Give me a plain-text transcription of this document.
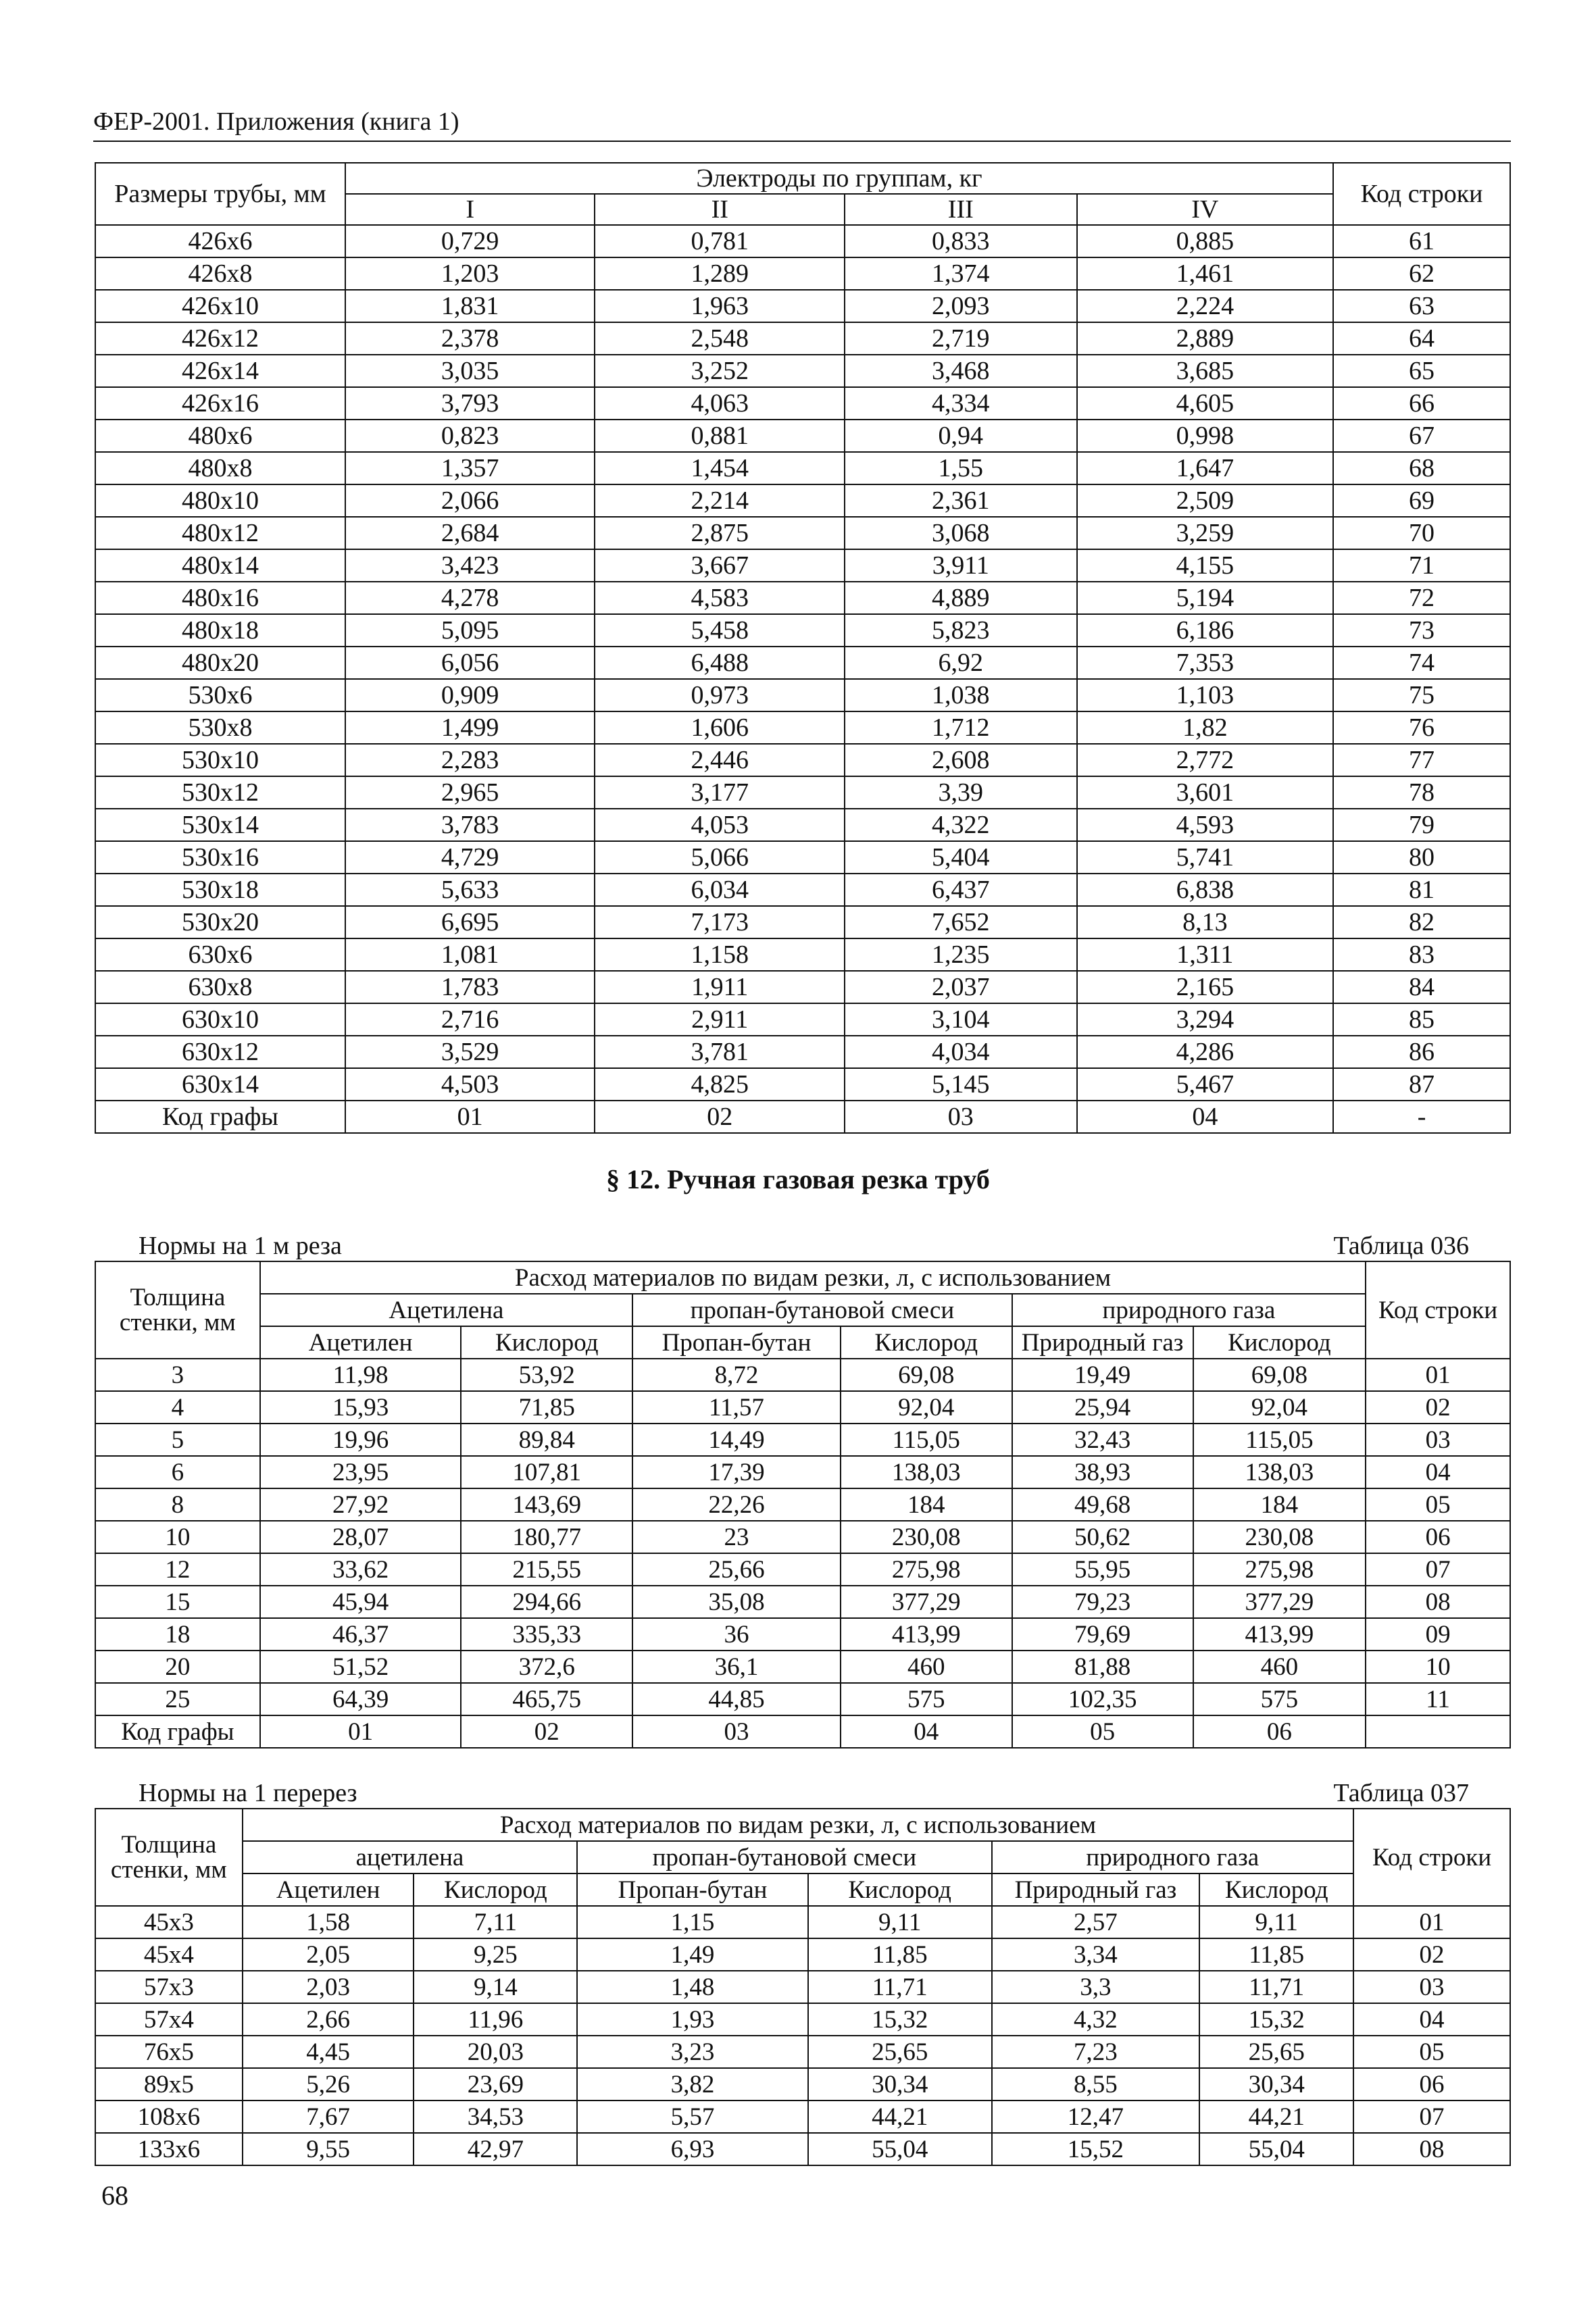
ФЕР-2001. Приложения (книга 1)
Размеры трубы, мм	Электроды по группам, кг				Код строки
	I	II	III	IV	
426x6	0,729	0,781	0,833	0,885	61
426x8	1,203	1,289	1,374	1,461	62
426x10	1,831	1,963	2,093	2,224	63
426x12	2,378	2,548	2,719	2,889	64
426x14	3,035	3,252	3,468	3,685	65
426x16	3,793	4,063	4,334	4,605	66
480x6	0,823	0,881	0,94	0,998	67
480x8	1,357	1,454	1,55	1,647	68
480x10	2,066	2,214	2,361	2,509	69
480x12	2,684	2,875	3,068	3,259	70
480x14	3,423	3,667	3,911	4,155	71
480x16	4,278	4,583	4,889	5,194	72
480x18	5,095	5,458	5,823	6,186	73
480x20	6,056	6,488	6,92	7,353	74
530x6	0,909	0,973	1,038	1,103	75
530x8	1,499	1,606	1,712	1,82	76
530x10	2,283	2,446	2,608	2,772	77
530x12	2,965	3,177	3,39	3,601	78
530x14	3,783	4,053	4,322	4,593	79
530x16	4,729	5,066	5,404	5,741	80
530x18	5,633	6,034	6,437	6,838	81
530x20	6,695	7,173	7,652	8,13	82
630x6	1,081	1,158	1,235	1,311	83
630x8	1,783	1,911	2,037	2,165	84
630x10	2,716	2,911	3,104	3,294	85
630x12	3,529	3,781	4,034	4,286	86
630x14	4,503	4,825	5,145	5,467	87
Код графы	01	02	03	04	-
§ 12. Ручная газовая резка труб
Нормы на 1 м реза	Таблица 036
Толщина стенки, мм	Расход материалов по видам резки, л, с использованием						Код строки
	Ацетилена		пропан-бутановой смеси		природного газа		
	Ацетилен	Кислород	Пропан-бутан	Кислород	Природный газ	Кислород	
3	11,98	53,92	8,72	69,08	19,49	69,08	01
4	15,93	71,85	11,57	92,04	25,94	92,04	02
5	19,96	89,84	14,49	115,05	32,43	115,05	03
6	23,95	107,81	17,39	138,03	38,93	138,03	04
8	27,92	143,69	22,26	184	49,68	184	05
10	28,07	180,77	23	230,08	50,62	230,08	06
12	33,62	215,55	25,66	275,98	55,95	275,98	07
15	45,94	294,66	35,08	377,29	79,23	377,29	08
18	46,37	335,33	36	413,99	79,69	413,99	09
20	51,52	372,6	36,1	460	81,88	460	10
25	64,39	465,75	44,85	575	102,35	575	11
Код графы	01	02	03	04	05	06	
Нормы на 1 перерез	Таблица 037
Толщина стенки, мм	Расход материалов по видам резки, л, с использованием						Код строки
	ацетилена		пропан-бутановой смеси		природного газа		
	Ацетилен	Кислород	Пропан-бутан	Кислород	Природный газ	Кислород	
45x3	1,58	7,11	1,15	9,11	2,57	9,11	01
45x4	2,05	9,25	1,49	11,85	3,34	11,85	02
57x3	2,03	9,14	1,48	11,71	3,3	11,71	03
57x4	2,66	11,96	1,93	15,32	4,32	15,32	04
76x5	4,45	20,03	3,23	25,65	7,23	25,65	05
89x5	5,26	23,69	3,82	30,34	8,55	30,34	06
108x6	7,67	34,53	5,57	44,21	12,47	44,21	07
133x6	9,55	42,97	6,93	55,04	15,52	55,04	08
68
